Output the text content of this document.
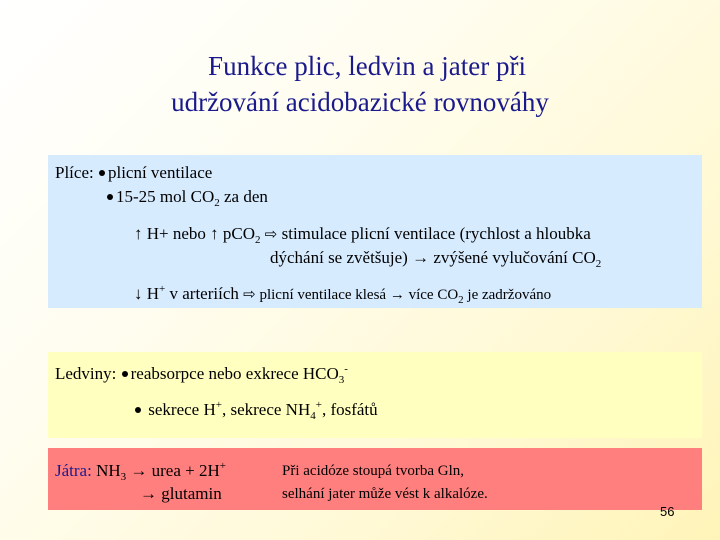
Funkce plic, ledvin a jater při
udržování acidobazické rovnováhy
Plíce: plicní ventilace
15-25 mol $CO_2$ za den
↑ H+ nebo ↑ pCO$_2$ ⇨ stimulace plicní ventilace (rychlost a hloubka
dýchání se zvětšuje) → zvýšené vylučování $CO_2$
↓ H+ v arteriích ⇨ plicní ventilace klesá → více $CO_2$ je zadržováno
Ledviny: reabsorpce nebo exkrece $HCO_3^-$
sekrece H+, sekrece $NH_4^+$, fosfátů
Játra: $NH_3$ → urea + 2H+
→ glutamin
Při acidóze stoupá tvorba Gln,
selhání jater může vést k alkalóze.
56
